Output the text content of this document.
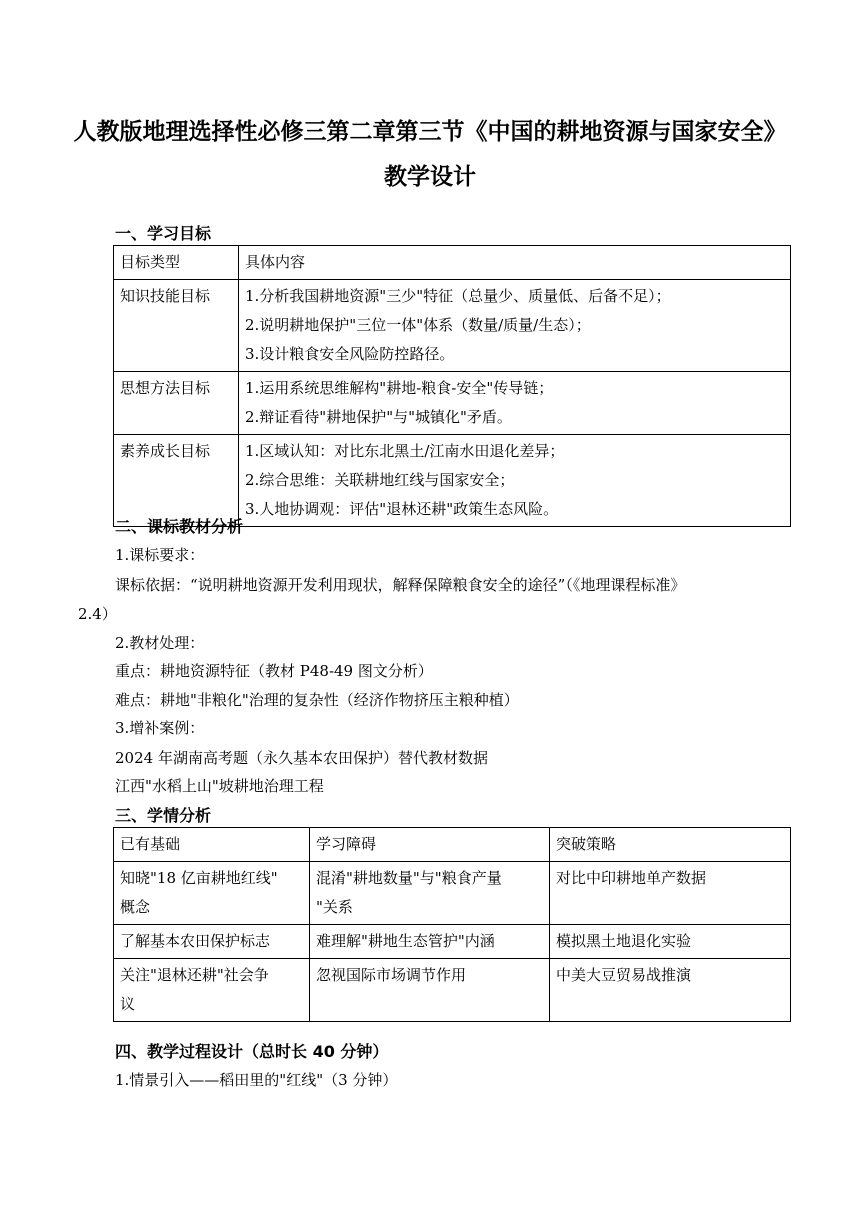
人教版地理选择性必修三第二章第三节《中国的耕地资源与国家安全》
教学设计
一、学习目标
目标类型	具体内容
知识技能目标	1.分析我国耕地资源"三少"特征（总量少、质量低、后备不足）；
2.说明耕地保护"三位一体"体系（数量/质量/生态）；
3.设计粮食安全风险防控路径。

思想方法目标	1.运用系统思维解构"耕地-粮食-安全"传导链；
2.辩证看待"耕地保护"与"城镇化"矛盾。

素养成长目标	1.区域认知：对比东北黑土/江南水田退化差异；
2.综合思维：关联耕地红线与国家安全；
3.人地协调观：评估"退林还耕"政策生态风险。
二、课标教材分析
1.课标要求：
课标依据：“说明耕地资源开发利用现状，解释保障粮食安全的途径”（《地理课程标准》
2.4）
2.教材处理：
重点：耕地资源特征（教材 P48-49 图文分析）
难点：耕地"非粮化"治理的复杂性（经济作物挤压主粮种植）
3.增补案例：
2024 年湖南高考题（永久基本农田保护）替代教材数据
江西"水稻上山"坡耕地治理工程
三、学情分析
已有基础	学习障碍	突破策略

知晓"18 亿亩耕地红线"
概念	混淆"耕地数量"与"粮食产量
"关系	对比中印耕地单产数据

了解基本农田保护标志	难理解"耕地生态管护"内涵	模拟黑土地退化实验

关注"退林还耕"社会争
议	忽视国际市场调节作用	中美大豆贸易战推演
四、教学过程设计（总时长 40 分钟）
1.情景引入——稻田里的"红线"（3 分钟）
